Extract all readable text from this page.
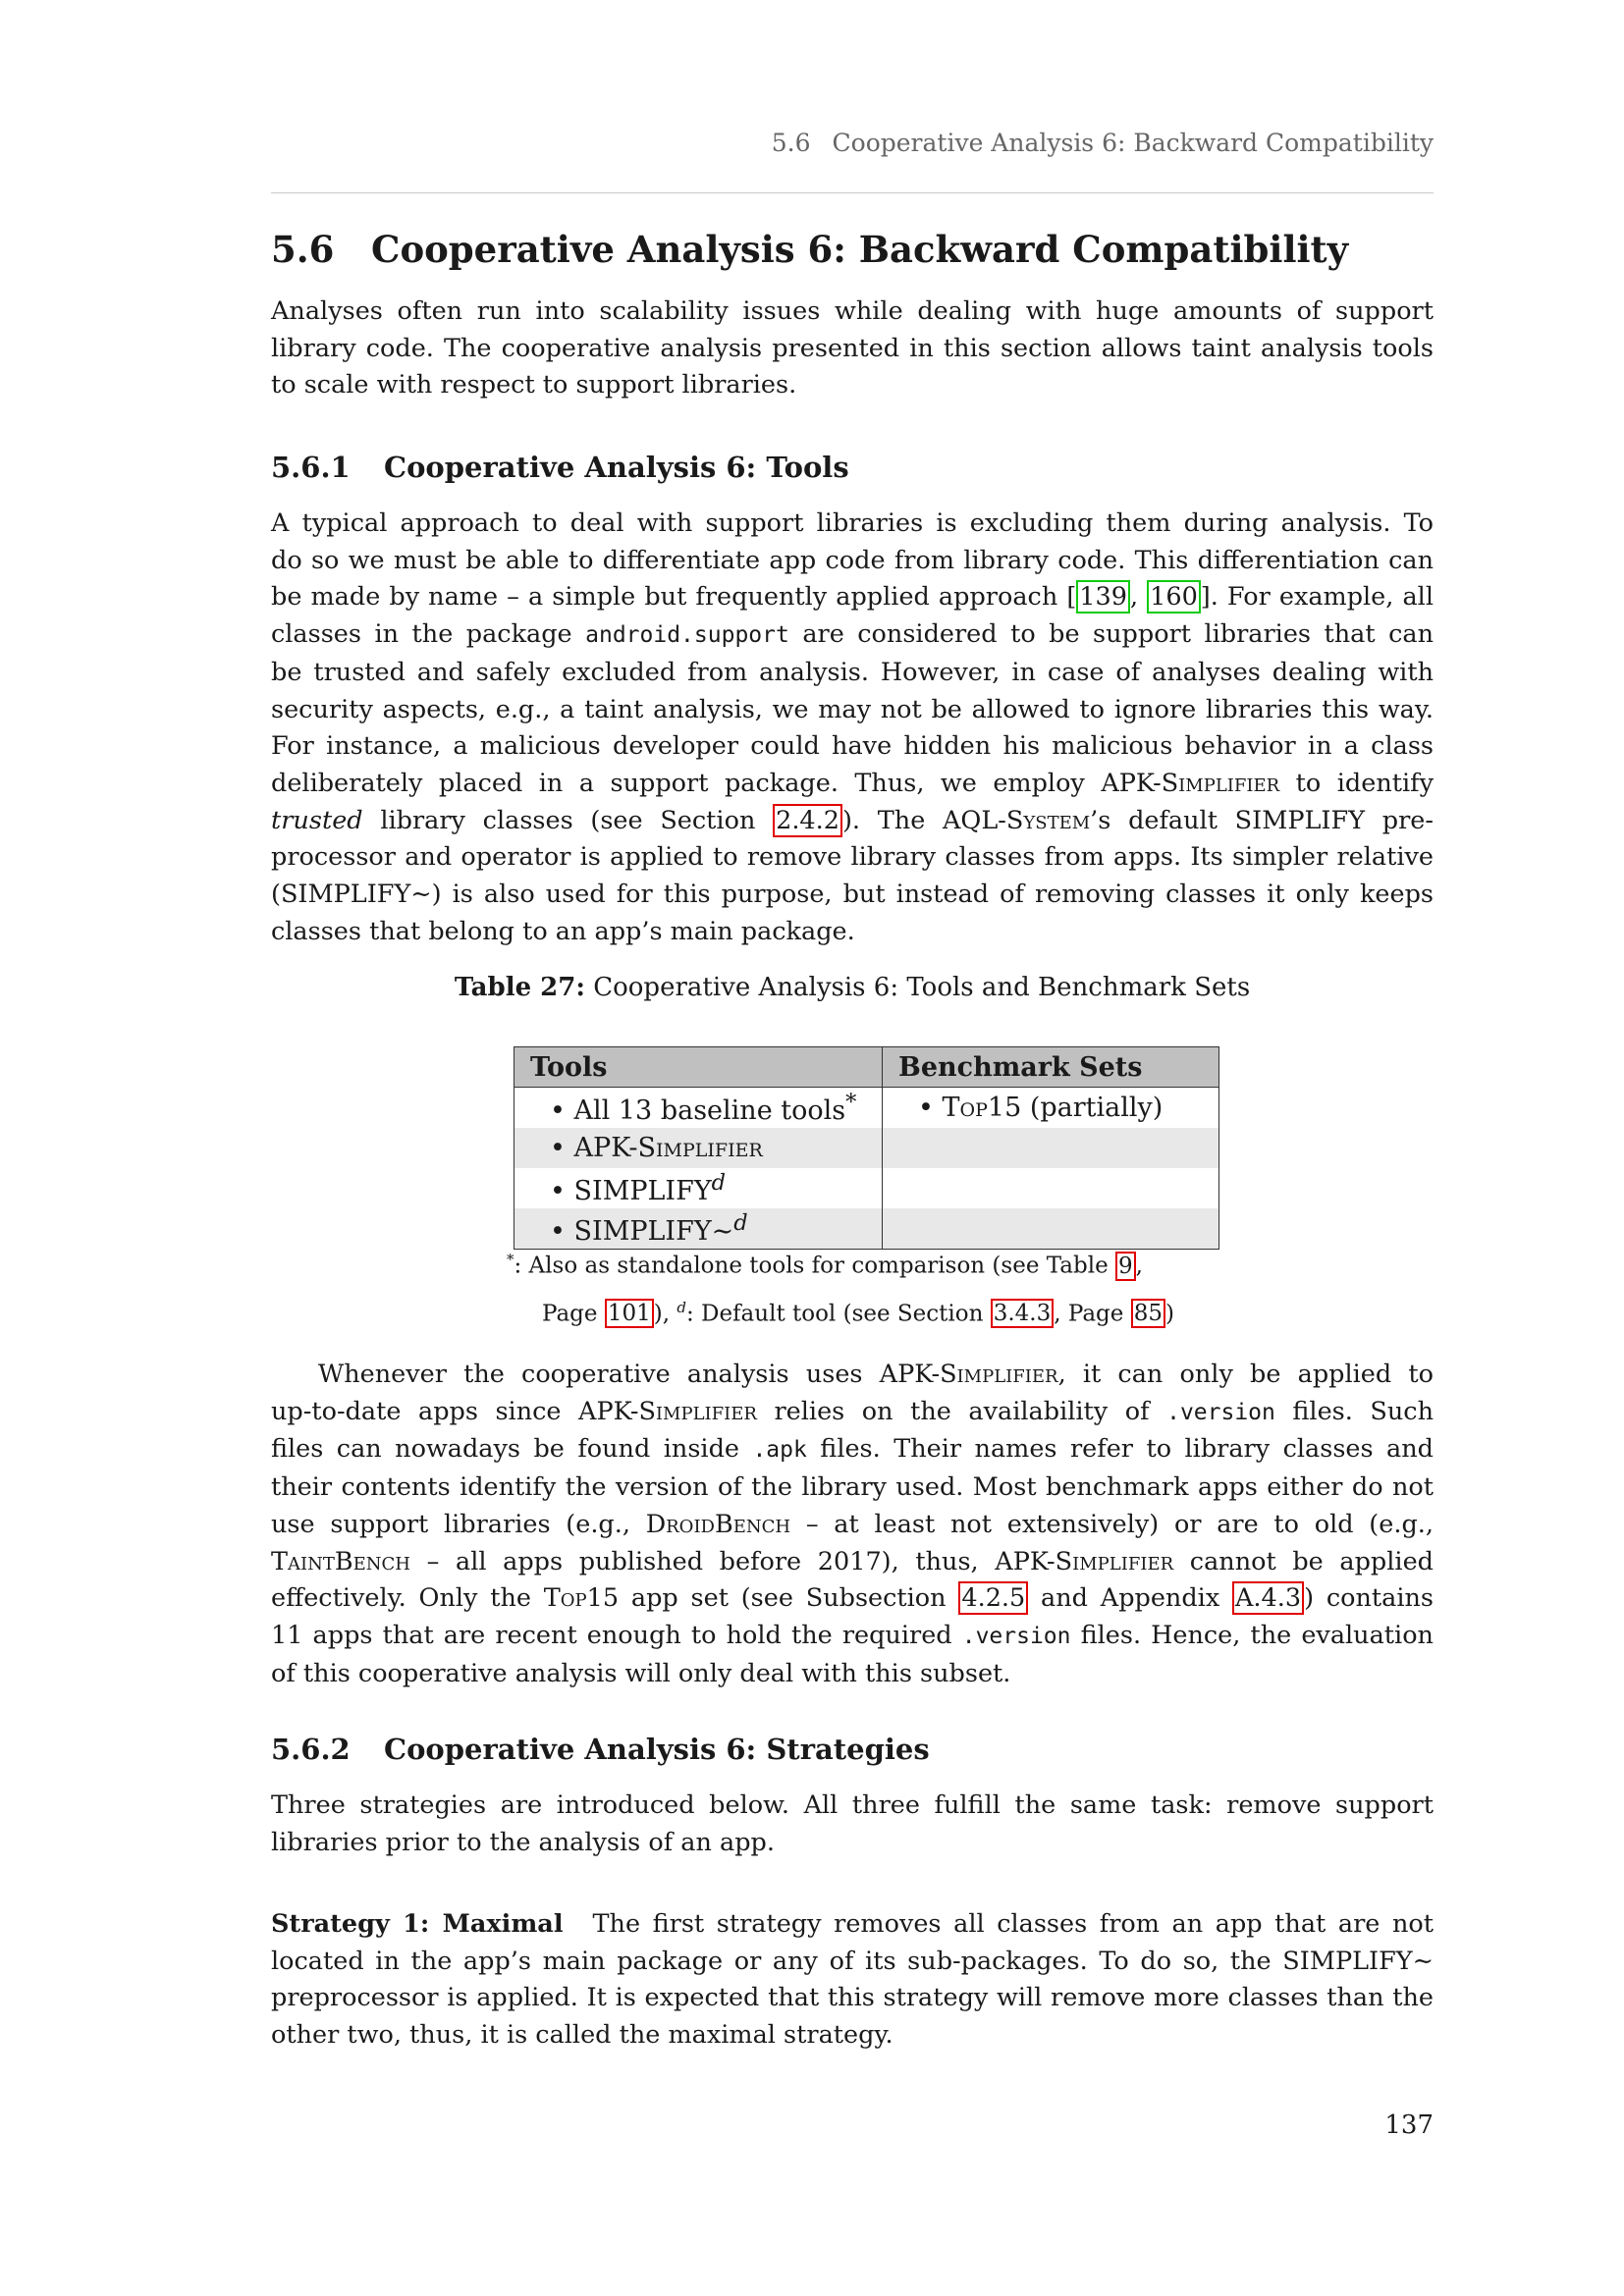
5.6 Cooperative Analysis 6: Backward Compatibility
5.6 Cooperative Analysis 6: Backward Compatibility

Analyses often run into scalability issues while dealing with huge amounts of support
library code. The cooperative analysis presented in this section allows taint analysis tools
to scale with respect to support libraries.

5.6.1 Cooperative Analysis 6: Tools

A typical approach to deal with support libraries is excluding them during analysis. To
do so we must be able to differentiate app code from library code. This differentiation can
be made by name – a simple but frequently applied approach [ 139 , 160 ]. For example, all
classes in the package android.support are considered to be support libraries that can
be trusted and safely excluded from analysis. However, in case of analyses dealing with
security aspects, e.g., a taint analysis, we may not be allowed to ignore libraries this way.
For instance, a malicious developer could have hidden his malicious behavior in a class
deliberately placed in a support package. Thus, we employ APK-Simplifier to identify
trusted library classes (see Section 2.4.2 ). The AQL-System’s default SIMPLIFY pre-
processor and operator is applied to remove library classes from apps. Its simpler relative
(SIMPLIFY∼) is also used for this purpose, but instead of removing classes it only keeps
classes that belong to an app’s main package.

Table 27: Cooperative Analysis 6: Tools and Benchmark Sets

Tools	Benchmark Sets
• All 13 baseline tools*	• Top15 (partially)
• APK-Simplifier	
• SIMPLIFY$^d$	
• SIMPLIFY∼$^d$	

*: Also as standalone tools for comparison (see Table 9 ,
Page 101 ), $^d$: Default tool (see Section 3.4.3 , Page 85 )

Whenever the cooperative analysis uses APK-Simplifier, it can only be applied to
up-to-date apps since APK-Simplifier relies on the availability of .version files. Such
files can nowadays be found inside .apk files. Their names refer to library classes and
their contents identify the version of the library used. Most benchmark apps either do not
use support libraries (e.g., DroidBench – at least not extensively) or are to old (e.g.,
TaintBench – all apps published before 2017), thus, APK-Simplifier cannot be applied
effectively. Only the Top15 app set (see Subsection 4.2.5 and Appendix A.4.3 ) contains
11 apps that are recent enough to hold the required .version files. Hence, the evaluation
of this cooperative analysis will only deal with this subset.

5.6.2 Cooperative Analysis 6: Strategies

Three strategies are introduced below. All three fulfill the same task: remove support
libraries prior to the analysis of an app.

Strategy 1: Maximal The first strategy removes all classes from an app that are not
located in the app’s main package or any of its sub-packages. To do so, the SIMPLIFY∼
preprocessor is applied. It is expected that this strategy will remove more classes than the
other two, thus, it is called the maximal strategy.

137
